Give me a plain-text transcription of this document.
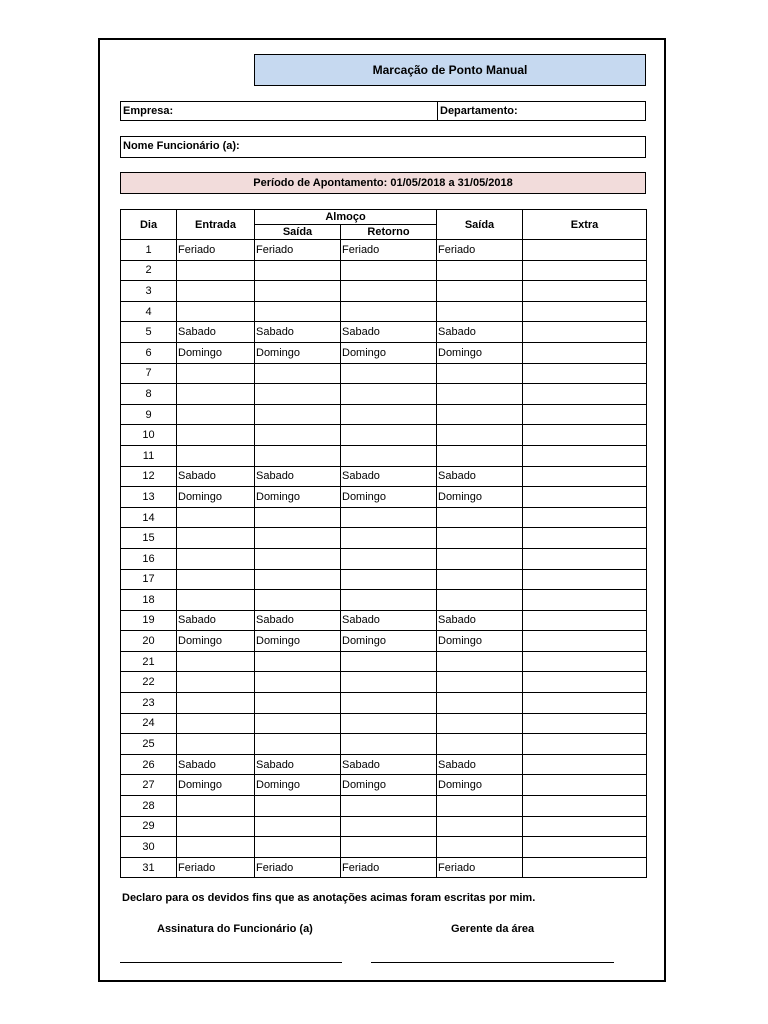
Marcação de Ponto Manual
Empresa:	Departamento:
Nome Funcionário (a):
Período de Apontamento: 01/05/2018 a 31/05/2018
Dia	Entrada	Almoço		Saída	Extra
		Saída	Retorno		
1	Feriado	Feriado	Feriado	Feriado	
2					
3					
4					
5	Sabado	Sabado	Sabado	Sabado	
6	Domingo	Domingo	Domingo	Domingo	
7					
8					
9					
10					
11					
12	Sabado	Sabado	Sabado	Sabado	
13	Domingo	Domingo	Domingo	Domingo	
14					
15					
16					
17					
18					
19	Sabado	Sabado	Sabado	Sabado	
20	Domingo	Domingo	Domingo	Domingo	
21					
22					
23					
24					
25					
26	Sabado	Sabado	Sabado	Sabado	
27	Domingo	Domingo	Domingo	Domingo	
28					
29					
30					
31	Feriado	Feriado	Feriado	Feriado	
Declaro para os devidos fins que as anotações acimas foram escritas por mim.
Assinatura do Funcionário (a)	Gerente da área
